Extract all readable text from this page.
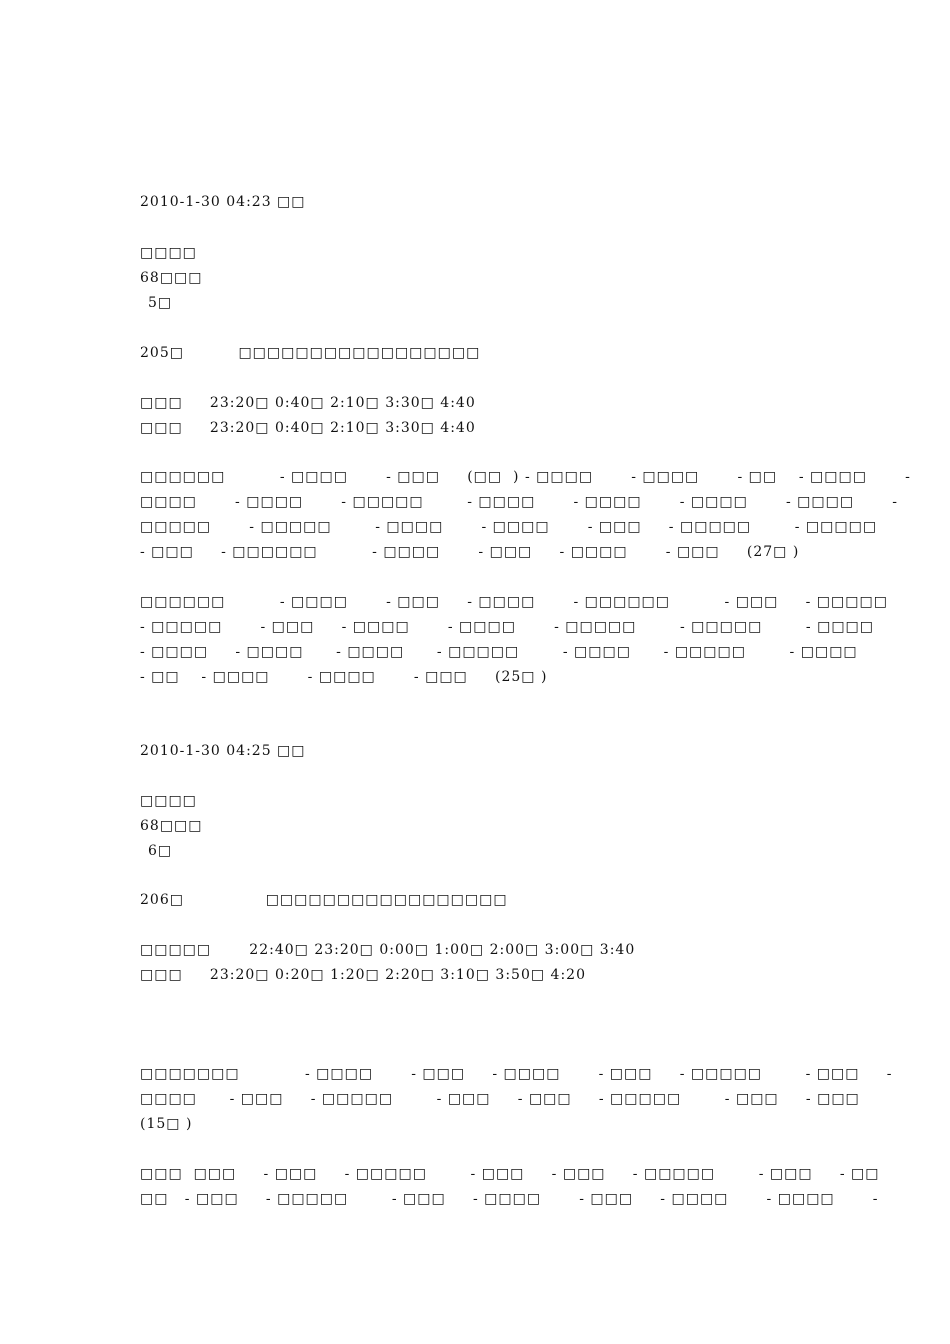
2010-1-30 04:23 □□
□□□□
68□□□
5□
205□          □□□□□□□□□□□□□□□□□
□□□     23:20□ 0:40□ 2:10□ 3:30□ 4:40
□□□     23:20□ 0:40□ 2:10□ 3:30□ 4:40
□□□□□□          - □□□□       - □□□     (□□  ) - □□□□       - □□□□       - □□    - □□□□       -
□□□□       - □□□□       - □□□□□        - □□□□       - □□□□       - □□□□       - □□□□       -
□□□□□       - □□□□□        - □□□□       - □□□□       - □□□     - □□□□□        - □□□□□
- □□□     - □□□□□□          - □□□□       - □□□     - □□□□       - □□□     (27□ )
□□□□□□          - □□□□       - □□□     - □□□□       - □□□□□□          - □□□     - □□□□□
- □□□□□       - □□□     - □□□□       - □□□□       - □□□□□        - □□□□□        - □□□□
- □□□□     - □□□□      - □□□□      - □□□□□        - □□□□      - □□□□□        - □□□□
- □□    - □□□□       - □□□□       - □□□     (25□ )
2010-1-30 04:25 □□
□□□□
68□□□
6□
206□               □□□□□□□□□□□□□□□□□
□□□□□       22:40□ 23:20□ 0:00□ 1:00□ 2:00□ 3:00□ 3:40
□□□     23:20□ 0:20□ 1:20□ 2:20□ 3:10□ 3:50□ 4:20
□□□□□□□            - □□□□       - □□□     - □□□□       - □□□     - □□□□□        - □□□     -
□□□□      - □□□     - □□□□□        - □□□     - □□□     - □□□□□        - □□□     - □□□
(15□ )
□□□  □□□     - □□□     - □□□□□        - □□□     - □□□     - □□□□□        - □□□     - □□
□□   - □□□     - □□□□□        - □□□     - □□□□       - □□□     - □□□□       - □□□□       -
